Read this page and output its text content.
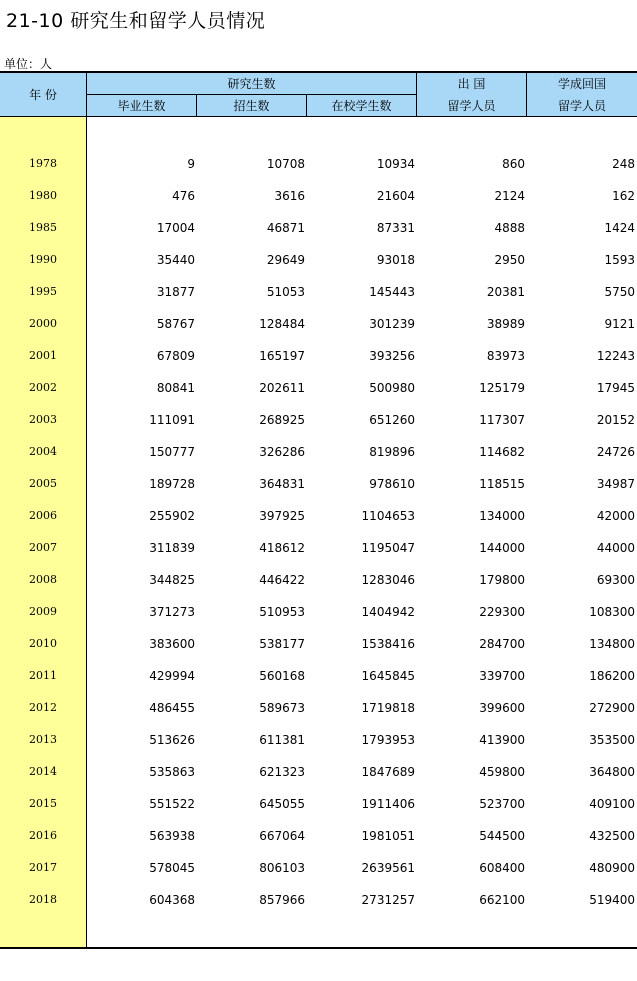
21-10 研究生和留学人员情况
单位：人
年 份
研究生数
毕业生数	招生数	在校学生数
出 国
留学人员
学成回国
留学人员
1978	9	10708	10934	860	248
1980	476	3616	21604	2124	162
1985	17004	46871	87331	4888	1424
1990	35440	29649	93018	2950	1593
1995	31877	51053	145443	20381	5750
2000	58767	128484	301239	38989	9121
2001	67809	165197	393256	83973	12243
2002	80841	202611	500980	125179	17945
2003	111091	268925	651260	117307	20152
2004	150777	326286	819896	114682	24726
2005	189728	364831	978610	118515	34987
2006	255902	397925	1104653	134000	42000
2007	311839	418612	1195047	144000	44000
2008	344825	446422	1283046	179800	69300
2009	371273	510953	1404942	229300	108300
2010	383600	538177	1538416	284700	134800
2011	429994	560168	1645845	339700	186200
2012	486455	589673	1719818	399600	272900
2013	513626	611381	1793953	413900	353500
2014	535863	621323	1847689	459800	364800
2015	551522	645055	1911406	523700	409100
2016	563938	667064	1981051	544500	432500
2017	578045	806103	2639561	608400	480900
2018	604368	857966	2731257	662100	519400
